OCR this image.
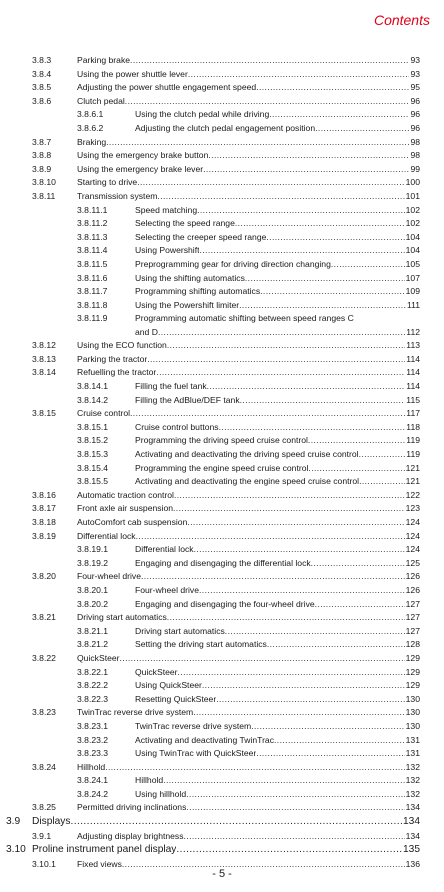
Contents
3.8.3	Parking brake .....	93
3.8.4	Using the power shuttle lever .....	93
3.8.5	Adjusting the power shuttle engagement speed .....	95
3.8.6	Clutch pedal .....	96
3.8.6.1	Using the clutch pedal while driving .....	96
3.8.6.2	Adjusting the clutch pedal engagement position .....	96
3.8.7	Braking .....	98
3.8.8	Using the emergency brake button .....	98
3.8.9	Using the emergency brake lever .....	99
3.8.10 Starting to drive .....	100
3.8.11	Transmission system .....	101
3.8.11.1	Speed matching .....	102
3.8.11.2	Selecting the speed range .....	102
3.8.11.3	Selecting the creeper speed range .....	104
3.8.11.4	Using Powershift .....	104
3.8.11.5	Preprogramming gear for driving direction changing .....	105
3.8.11.6	Using the shifting automatics .....	107
3.8.11.7	Programming shifting automatics .....	109
3.8.11.8	Using the Powershift limiter .....	111
3.8.11.9	Programming automatic shifting between speed ranges C
and D .....	112
3.8.12 Using the ECO function .....	113
3.8.13 Parking the tractor .....	114
3.8.14 Refuelling the tractor .....	114
3.8.14.1	Filling the fuel tank .....	114
3.8.14.2	Filling the AdBlue/DEF tank .....	115
3.8.15 Cruise control .....	117
3.8.15.1	Cruise control buttons .....	118
3.8.15.2	Programming the driving speed cruise control .....	119
3.8.15.3	Activating and deactivating the driving speed cruise control .....	119
3.8.15.4	Programming the engine speed cruise control .....	121
3.8.15.5	Activating and deactivating the engine speed cruise control .....	121
3.8.16 Automatic traction control .....	122
3.8.17 Front axle air suspension .....	123
3.8.18 AutoComfort cab suspension .....	124
3.8.19 Differential lock .....	124
3.8.19.1	Differential lock .....	124
3.8.19.2	Engaging and disengaging the differential lock .....	125
3.8.20 Four-wheel drive .....	126
3.8.20.1	Four-wheel drive .....	126
3.8.20.2	Engaging and disengaging the four-wheel drive .....	127
3.8.21 Driving start automatics .....	127
3.8.21.1	Driving start automatics .....	127
3.8.21.2	Setting the driving start automatics .....	128
3.8.22 QuickSteer .....	129
3.8.22.1	QuickSteer .....	129
3.8.22.2	Using QuickSteer .....	129
3.8.22.3	Resetting QuickSteer .....	130
3.8.23 TwinTrac reverse drive system .....	130
3.8.23.1	TwinTrac reverse drive system .....	130
3.8.23.2	Activating and deactivating TwinTrac .....	131
3.8.23.3	Using TwinTrac with QuickSteer .....	131
3.8.24 Hillhold .....	132
3.8.24.1	Hillhold .....	132
3.8.24.2	Using hillhold .....	132
3.8.25 Permitted driving inclinations .....	134
3.9 Displays .....	134
3.9.1	Adjusting display brightness .....	134
3.10 Proline instrument panel display .....	135
3.10.1 Fixed views .....	136
- 5 -
